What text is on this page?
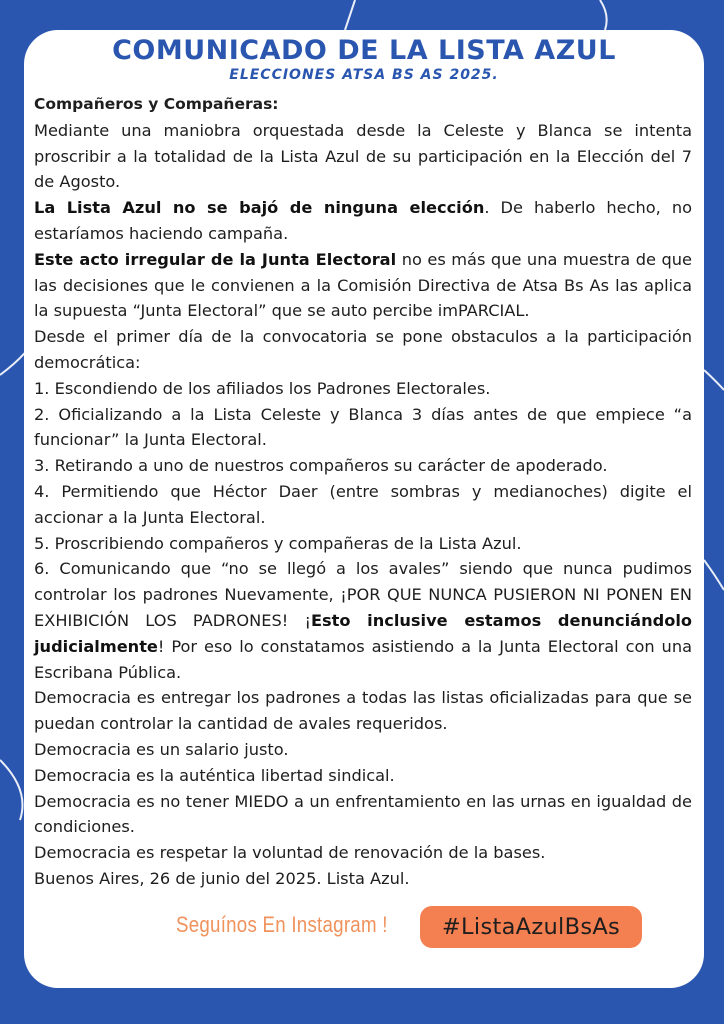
COMUNICADO DE LA LISTA AZUL
ELECCIONES ATSA BS AS 2025.

Compañeros y Compañeras:

Mediante una maniobra orquestada desde la Celeste y Blanca se intenta proscribir a la totalidad de la Lista Azul de su participación en la Elección del 7 de Agosto.

La Lista Azul no se bajó de ninguna elección. De haberlo hecho, no estaríamos haciendo campaña.

Este acto irregular de la Junta Electoral no es más que una muestra de que las decisiones que le convienen a la Comisión Directiva de Atsa Bs As las aplica la supuesta “Junta Electoral” que se auto percibe imPARCIAL.

Desde el primer día de la convocatoria se pone obstaculos a la participación democrática:

1. Escondiendo de los afiliados los Padrones Electorales.

2. Oficializando a la Lista Celeste y Blanca 3 días antes de que empiece “a funcionar” la Junta Electoral.

3. Retirando a uno de nuestros compañeros su carácter de apoderado.

4. Permitiendo que Héctor Daer (entre sombras y medianoches) digite el accionar a la Junta Electoral.

5. Proscribiendo compañeros y compañeras de la Lista Azul.

6. Comunicando que “no se llegó a los avales” siendo que nunca pudimos controlar los padrones Nuevamente, ¡POR QUE NUNCA PUSIERON NI PONEN EN EXHIBICIÓN LOS PADRONES! ¡Esto inclusive estamos denunciándolo judicialmente! Por eso lo constatamos asistiendo a la Junta Electoral con una Escribana Pública.

Democracia es entregar los padrones a todas las listas oficializadas para que se puedan controlar la cantidad de avales requeridos.

Democracia es un salario justo.

Democracia es la auténtica libertad sindical.

Democracia es no tener MIEDO a un enfrentamiento en las urnas en igualdad de condiciones.

Democracia es respetar la voluntad de renovación de la bases.

Buenos Aires, 26 de junio del 2025. Lista Azul.

Seguínos En Instagram !	#ListaAzulBsAs
